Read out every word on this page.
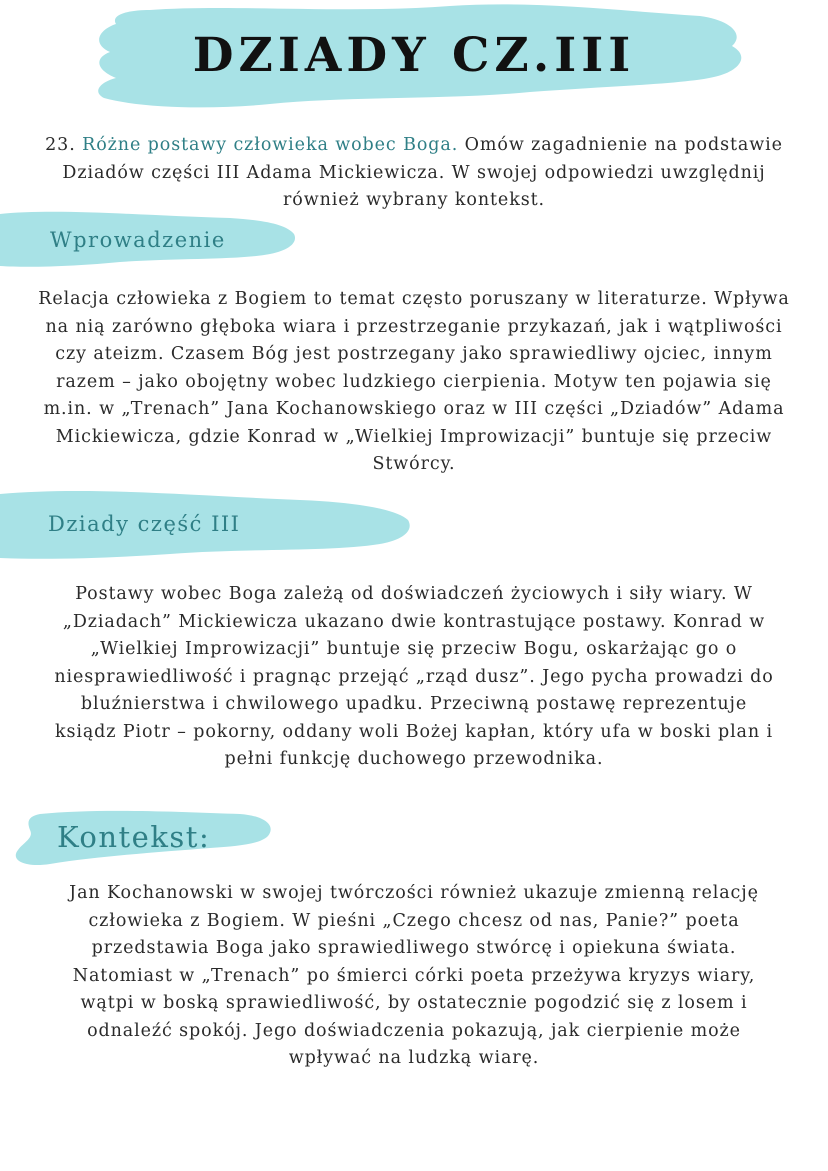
DZIADY CZ.III
23. Różne postawy człowieka wobec Boga. Omów zagadnienie na podstawie
Dziadów części III Adama Mickiewicza. W swojej odpowiedzi uwzględnij
również wybrany kontekst.
Wprowadzenie
Relacja człowieka z Bogiem to temat często poruszany w literaturze. Wpływa
na nią zarówno głęboka wiara i przestrzeganie przykazań, jak i wątpliwości
czy ateizm. Czasem Bóg jest postrzegany jako sprawiedliwy ojciec, innym
razem – jako obojętny wobec ludzkiego cierpienia. Motyw ten pojawia się
m.in. w „Trenach” Jana Kochanowskiego oraz w III części „Dziadów” Adama
Mickiewicza, gdzie Konrad w „Wielkiej Improwizacji” buntuje się przeciw
Stwórcy.
Dziady część III
Postawy wobec Boga zależą od doświadczeń życiowych i siły wiary. W
„Dziadach” Mickiewicza ukazano dwie kontrastujące postawy. Konrad w
„Wielkiej Improwizacji” buntuje się przeciw Bogu, oskarżając go o
niesprawiedliwość i pragnąc przejąć „rząd dusz”. Jego pycha prowadzi do
bluźnierstwa i chwilowego upadku. Przeciwną postawę reprezentuje
ksiądz Piotr – pokorny, oddany woli Bożej kapłan, który ufa w boski plan i
pełni funkcję duchowego przewodnika.
Kontekst:
Jan Kochanowski w swojej twórczości również ukazuje zmienną relację
człowieka z Bogiem. W pieśni „Czego chcesz od nas, Panie?” poeta
przedstawia Boga jako sprawiedliwego stwórcę i opiekuna świata.
Natomiast w „Trenach” po śmierci córki poeta przeżywa kryzys wiary,
wątpi w boską sprawiedliwość, by ostatecznie pogodzić się z losem i
odnaleźć spokój. Jego doświadczenia pokazują, jak cierpienie może
wpływać na ludzką wiarę.
